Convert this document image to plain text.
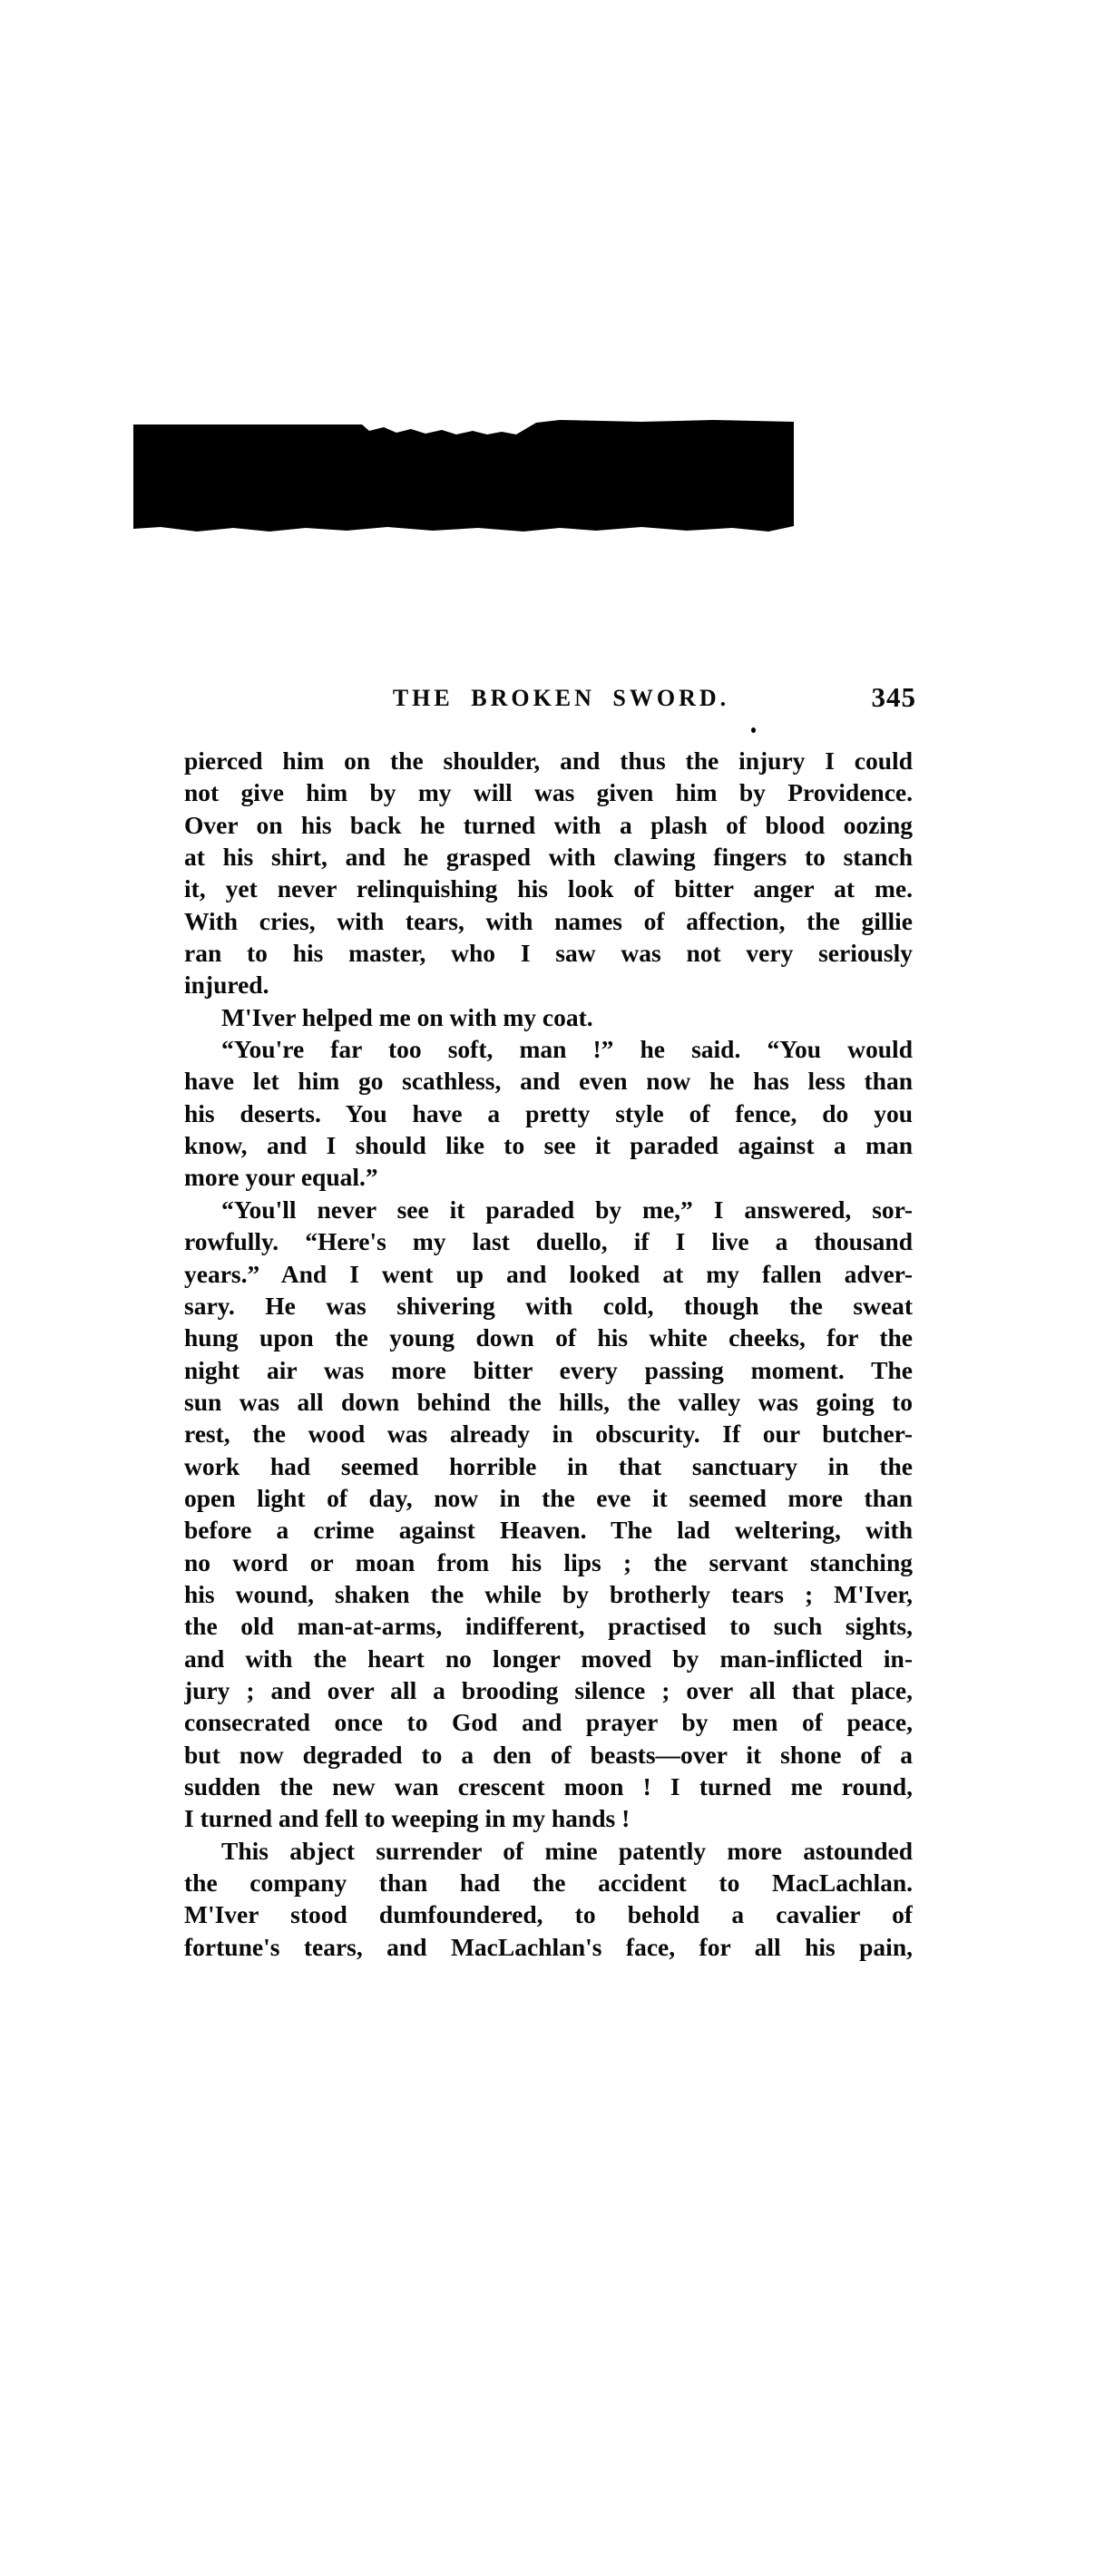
THE BROKEN SWORD.	345
pierced him on the shoulder, and thus the injury I could
not give him by my will was given him by Providence.
Over on his back he turned with a plash of blood oozing
at his shirt, and he grasped with clawing fingers to stanch
it, yet never relinquishing his look of bitter anger at me.
With cries, with tears, with names of affection, the gillie
ran to his master, who I saw was not very seriously
injured.
M'Iver helped me on with my coat.
“You're far too soft, man !” he said. “You would
have let him go scathless, and even now he has less than
his deserts. You have a pretty style of fence, do you
know, and I should like to see it paraded against a man
more your equal.”
“You'll never see it paraded by me,” I answered, sor-
rowfully. “Here's my last duello, if I live a thousand
years.” And I went up and looked at my fallen adver-
sary. He was shivering with cold, though the sweat
hung upon the young down of his white cheeks, for the
night air was more bitter every passing moment. The
sun was all down behind the hills, the valley was going to
rest, the wood was already in obscurity. If our butcher-
work had seemed horrible in that sanctuary in the
open light of day, now in the eve it seemed more than
before a crime against Heaven. The lad weltering, with
no word or moan from his lips ; the servant stanching
his wound, shaken the while by brotherly tears ; M'Iver,
the old man-at-arms, indifferent, practised to such sights,
and with the heart no longer moved by man-inflicted in-
jury ; and over all a brooding silence ; over all that place,
consecrated once to God and prayer by men of peace,
but now degraded to a den of beasts—over it shone of a
sudden the new wan crescent moon ! I turned me round,
I turned and fell to weeping in my hands !
This abject surrender of mine patently more astounded
the company than had the accident to MacLachlan.
M'Iver stood dumfoundered, to behold a cavalier of
fortune's tears, and MacLachlan's face, for all his pain,
